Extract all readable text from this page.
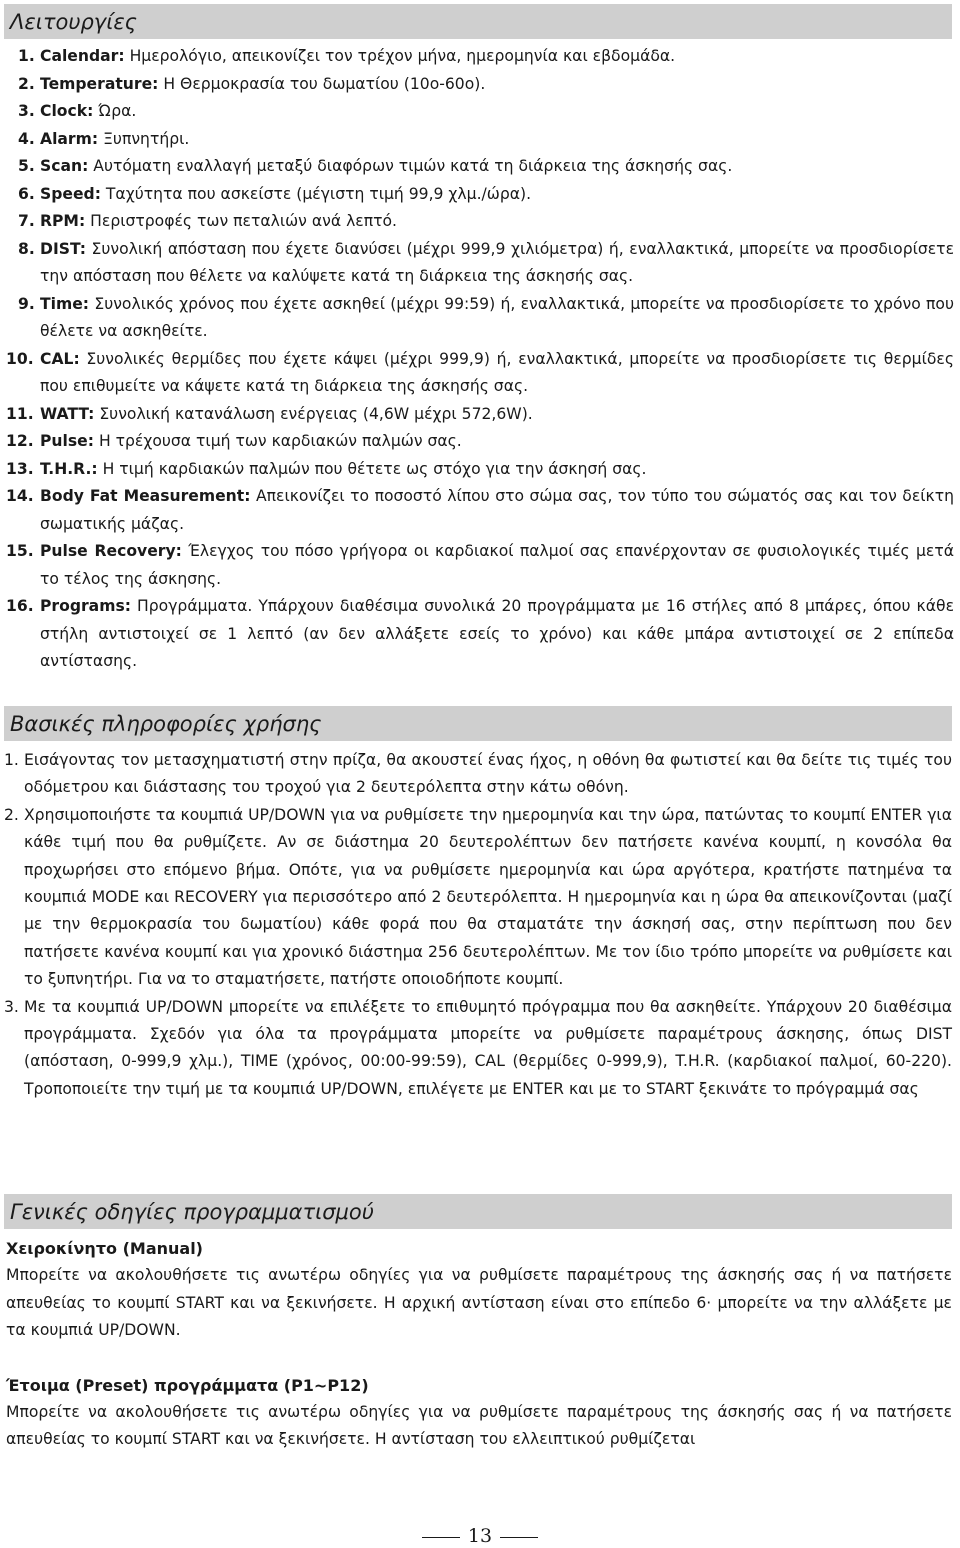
Λειτουργίες
1. Calendar: Ημερολόγιο, απεικονίζει τον τρέχον μήνα, ημερομηνία και εβδομάδα.
2. Temperature: Η Θερμοκρασία του δωματίου (10ο-60ο).
3. Clock: Ώρα.
4. Alarm: Ξυπνητήρι.
5. Scan: Αυτόματη εναλλαγή μεταξύ διαφόρων τιμών κατά τη διάρκεια της άσκησής σας.
6. Speed: Ταχύτητα που ασκείστε (μέγιστη τιμή 99,9 χλμ./ώρα).
7. RPM: Περιστροφές των πεταλιών ανά λεπτό.
8. DIST: Συνολική απόσταση που έχετε διανύσει (μέχρι 999,9 χιλιόμετρα) ή, εναλλακτικά, μπορείτε να προσδιορίσετε την απόσταση που θέλετε να καλύψετε κατά τη διάρκεια της άσκησής σας.
9. Time: Συνολικός χρόνος που έχετε ασκηθεί (μέχρι 99:59) ή, εναλλακτικά, μπορείτε να προσδιορίσετε το χρόνο που θέλετε να ασκηθείτε.
10. CAL: Συνολικές θερμίδες που έχετε κάψει (μέχρι 999,9) ή, εναλλακτικά, μπορείτε να προσδιορίσετε τις θερμίδες που επιθυμείτε να κάψετε κατά τη διάρκεια της άσκησής σας.
11. WATT: Συνολική κατανάλωση ενέργειας (4,6W μέχρι 572,6W).
12. Pulse: Η τρέχουσα τιμή των καρδιακών παλμών σας.
13. T.H.R.: Η τιμή καρδιακών παλμών που θέτετε ως στόχο για την άσκησή σας.
14. Body Fat Measurement: Απεικονίζει το ποσοστό λίπου στο σώμα σας, τον τύπο του σώματός σας και τον δείκτη σωματικής μάζας.
15. Pulse Recovery: Έλεγχος του πόσο γρήγορα οι καρδιακοί παλμοί σας επανέρχονταν σε φυσιολογικές τιμές μετά το τέλος της άσκησης.
16. Programs: Προγράμματα. Υπάρχουν διαθέσιμα συνολικά 20 προγράμματα με 16 στήλες από 8 μπάρες, όπου κάθε στήλη αντιστοιχεί σε 1 λεπτό (αν δεν αλλάξετε εσείς το χρόνο) και κάθε μπάρα αντιστοιχεί σε 2 επίπεδα αντίστασης.
Βασικές πληροφορίες χρήσης
1. Εισάγοντας τον μετασχηματιστή στην πρίζα, θα ακουστεί ένας ήχος, η οθόνη θα φωτιστεί και θα δείτε τις τιμές του οδόμετρου και διάστασης του τροχού για 2 δευτερόλεπτα στην κάτω οθόνη.
2. Χρησιμοποιήστε τα κουμπιά UP/DOWN για να ρυθμίσετε την ημερομηνία και την ώρα, πατώντας το κουμπί ENTER για κάθε τιμή που θα ρυθμίζετε. Αν σε διάστημα 20 δευτερολέπτων δεν πατήσετε κανένα κουμπί, η κονσόλα θα προχωρήσει στο επόμενο βήμα. Οπότε, για να ρυθμίσετε ημερομηνία και ώρα αργότερα, κρατήστε πατημένα τα κουμπιά MODE και RECOVERY για περισσότερο από 2 δευτερόλεπτα. Η ημερομηνία και η ώρα θα απεικονίζονται (μαζί με την θερμοκρασία του δωματίου) κάθε φορά που θα σταματάτε την άσκησή σας, στην περίπτωση που δεν πατήσετε κανένα κουμπί και για χρονικό διάστημα 256 δευτερολέπτων. Με τον ίδιο τρόπο μπορείτε να ρυθμίσετε και το ξυπνητήρι. Για να το σταματήσετε, πατήστε οποιοδήποτε κουμπί.
3. Με τα κουμπιά UP/DOWN μπορείτε να επιλέξετε το επιθυμητό πρόγραμμα που θα ασκηθείτε. Υπάρχουν 20 διαθέσιμα προγράμματα. Σχεδόν για όλα τα προγράμματα μπορείτε να ρυθμίσετε παραμέτρους άσκησης, όπως DIST (απόσταση, 0-999,9 χλμ.), TIME (χρόνος, 00:00-99:59), CAL (θερμίδες 0-999,9), T.H.R. (καρδιακοί παλμοί, 60-220). Τροποποιείτε την τιμή με τα κουμπιά UP/DOWN, επιλέγετε με ENTER και με το START ξεκινάτε το πρόγραμμά σας
Γενικές οδηγίες προγραμματισμού
Χειροκίνητο (Manual)
Μπορείτε να ακολουθήσετε τις ανωτέρω οδηγίες για να ρυθμίσετε παραμέτρους της άσκησής σας ή να πατήσετε απευθείας το κουμπί START και να ξεκινήσετε. Η αρχική αντίσταση είναι στο επίπεδο 6· μπορείτε να την αλλάξετε με τα κουμπιά UP/DOWN.
Έτοιμα (Preset) προγράμματα (P1~P12)
Μπορείτε να ακολουθήσετε τις ανωτέρω οδηγίες για να ρυθμίσετε παραμέτρους της άσκησής σας ή να πατήσετε απευθείας το κουμπί START και να ξεκινήσετε. Η αντίσταση του ελλειπτικού ρυθμίζεται
13
